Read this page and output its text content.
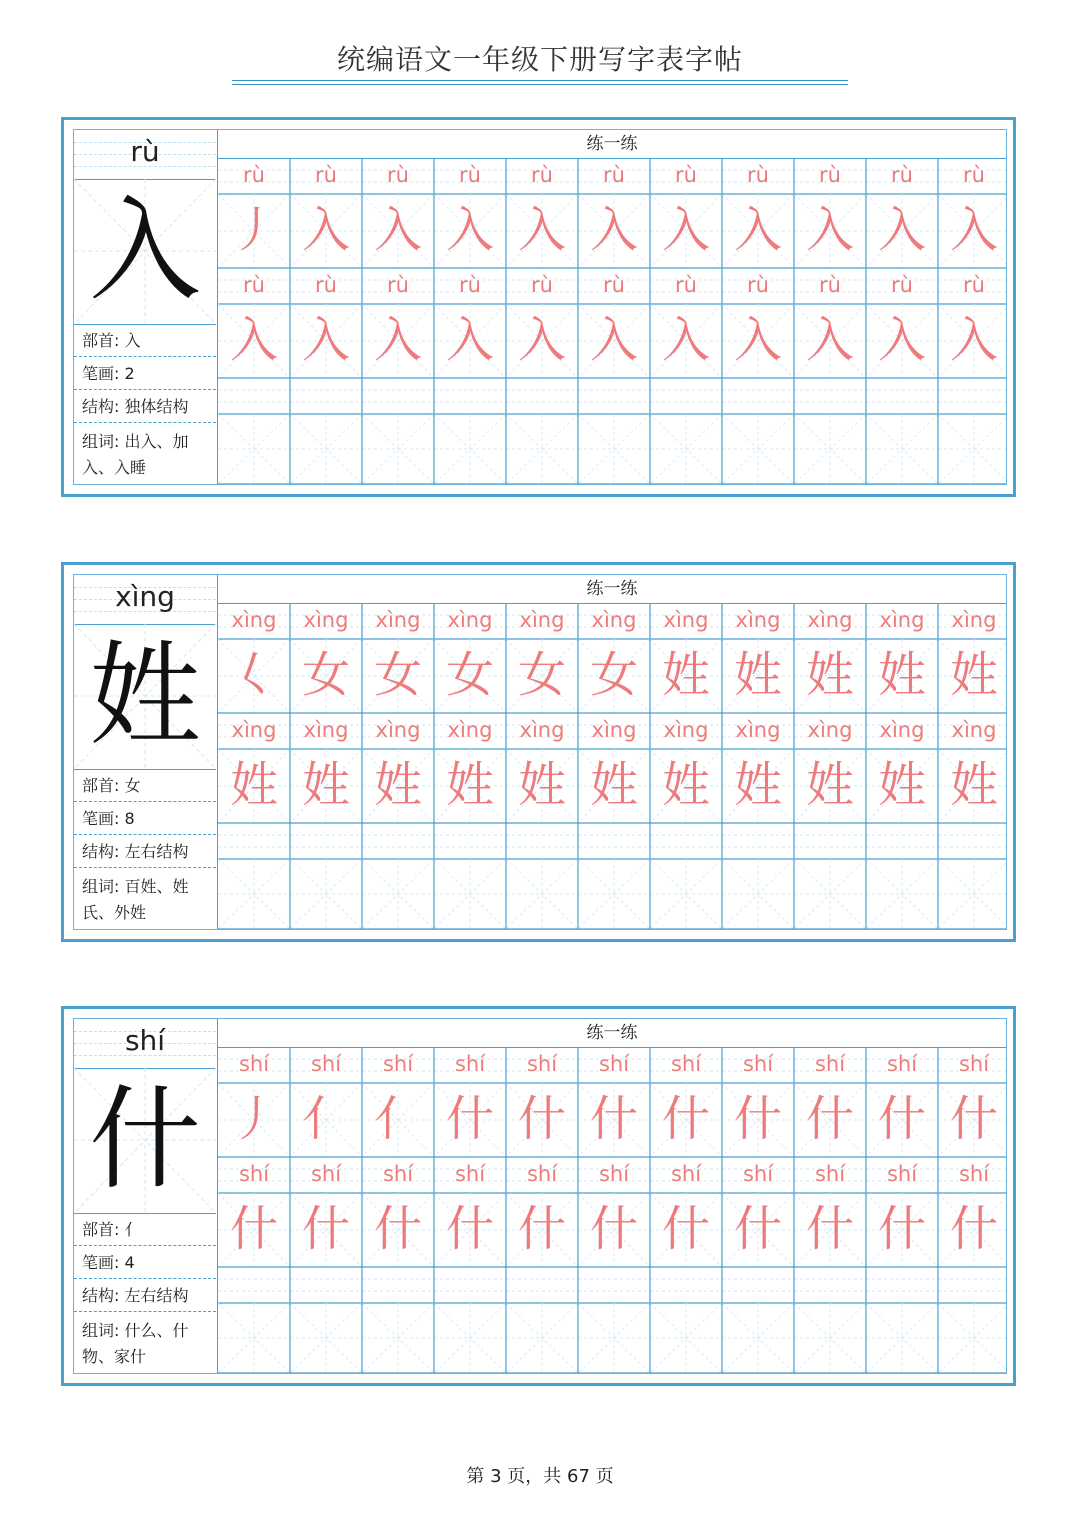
统编语文一年级下册写字表字帖
rù
入
部首: 入
笔画: 2
结构: 独体结构
组词: 出入、加入、入睡
练一练
rù	rù	rù	rù	rù	rù	rù	rù	rù	rù	rù
丿 入 入 入 入 入 入 入 入 入 入
rù	rù	rù	rù	rù	rù	rù	rù	rù	rù	rù
入 入 入 入 入 入 入 入 入 入 入
xìng
姓
部首: 女
笔画: 8
结构: 左右结构
组词: 百姓、姓氏、外姓
练一练
xìng	xìng	xìng	xìng	xìng	xìng	xìng	xìng	xìng	xìng	xìng
𡿨 女 女 女 女 女 姓 姓 姓 姓 姓
xìng	xìng	xìng	xìng	xìng	xìng	xìng	xìng	xìng	xìng	xìng
姓 姓 姓 姓 姓 姓 姓 姓 姓 姓 姓
shí
什
部首: 亻
笔画: 4
结构: 左右结构
组词: 什么、什物、家什
练一练
shí	shí	shí	shí	shí	shí	shí	shí	shí	shí	shí
丿 亻 亻 什 什 什 什 什 什 什 什
shí	shí	shí	shí	shí	shí	shí	shí	shí	shí	shí
什 什 什 什 什 什 什 什 什 什 什
第 3 页，共 67 页
